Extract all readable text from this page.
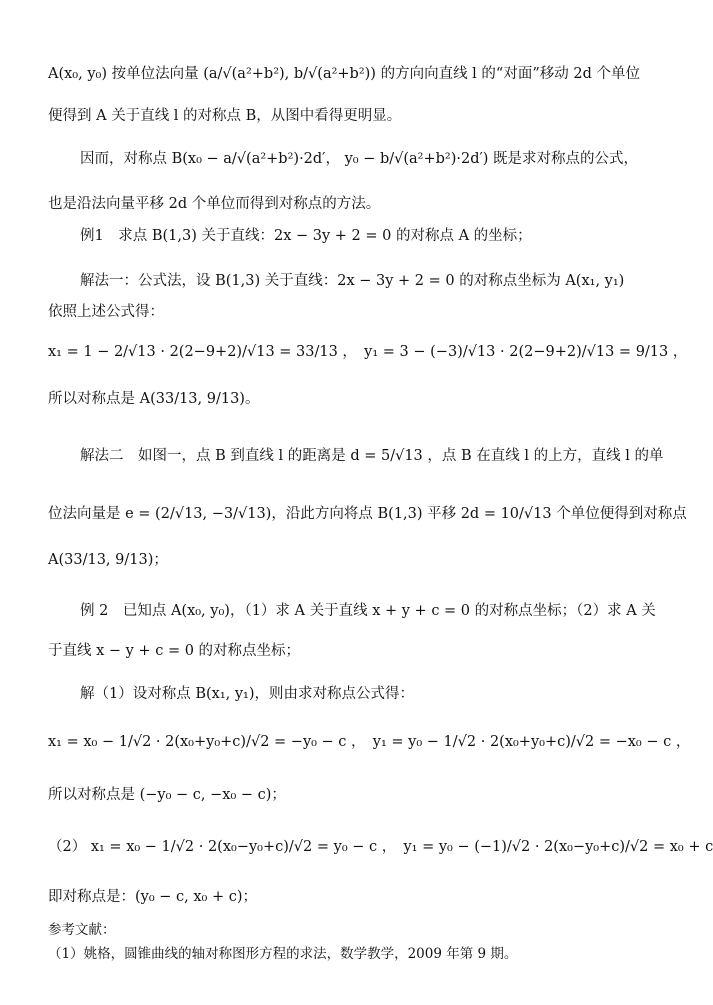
A(x₀, y₀) 按单位法向量 (a/√(a²+b²), b/√(a²+b²)) 的方向向直线 l 的“对面”移动 2d 个单位
便得到 A 关于直线 l 的对称点 B，从图中看得更明显。
因而，对称点 B(x₀ − a/√(a²+b²)·2d′， y₀ − b/√(a²+b²)·2d′) 既是求对称点的公式，
也是沿法向量平移 2d 个单位而得到对称点的方法。
例1　求点 B(1,3) 关于直线：2x − 3y + 2 = 0 的对称点 A 的坐标；
解法一：公式法，设 B(1,3) 关于直线：2x − 3y + 2 = 0 的对称点坐标为 A(x₁, y₁)
依照上述公式得：
x₁ = 1 − 2/√13 · 2(2−9+2)/√13 = 33/13 ，　y₁ = 3 − (−3)/√13 · 2(2−9+2)/√13 = 9/13 ，
所以对称点是 A(33/13, 9/13)。
解法二　如图一，点 B 到直线 l 的距离是 d = 5/√13 ，点 B 在直线 l 的上方，直线 l 的单
位法向量是 e = (2/√13, −3/√13)，沿此方向将点 B(1,3) 平移 2d = 10/√13 个单位便得到对称点
A(33/13, 9/13)；
例 2　已知点 A(x₀, y₀)，（1）求 A 关于直线 x + y + c = 0 的对称点坐标；（2）求 A 关
于直线 x − y + c = 0 的对称点坐标；
解（1）设对称点 B(x₁, y₁)，则由求对称点公式得：
x₁ = x₀ − 1/√2 · 2(x₀+y₀+c)/√2 = −y₀ − c ，　y₁ = y₀ − 1/√2 · 2(x₀+y₀+c)/√2 = −x₀ − c ，
所以对称点是 (−y₀ − c, −x₀ − c)；
（2） x₁ = x₀ − 1/√2 · 2(x₀−y₀+c)/√2 = y₀ − c ，　y₁ = y₀ − (−1)/√2 · 2(x₀−y₀+c)/√2 = x₀ + c
即对称点是：(y₀ − c, x₀ + c)；
参考文献：
（1）姚格，圆锥曲线的轴对称图形方程的求法，数学教学，2009 年第 9 期。
